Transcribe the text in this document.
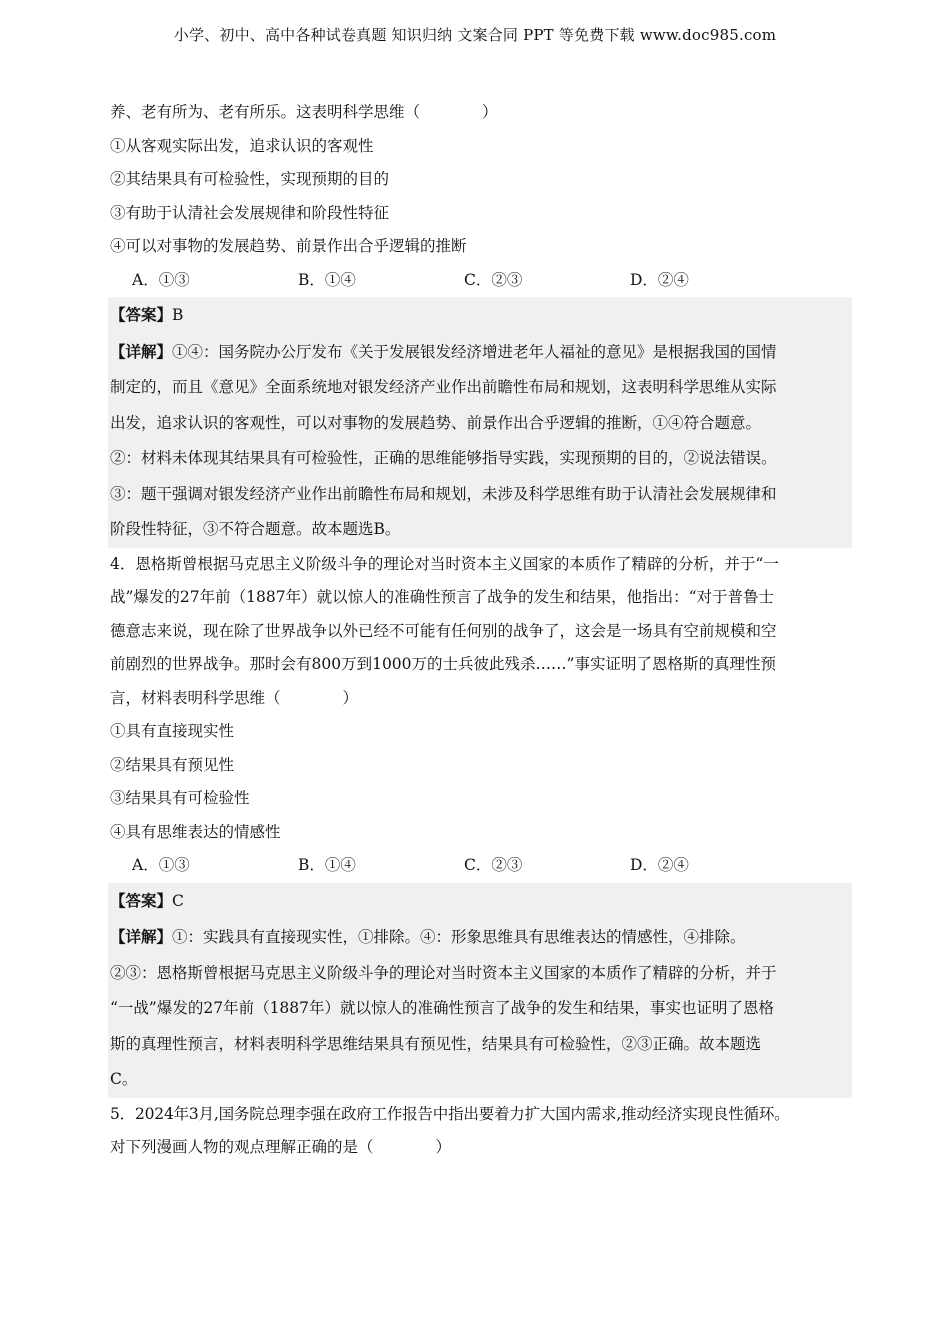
小学、初中、高中各种试卷真题 知识归纳 文案合同 PPT 等免费下载 www.doc985.com
养、老有所为、老有所乐。这表明科学思维（　　　　）
①从客观实际出发，追求认识的客观性
②其结果具有可检验性，实现预期的目的
③有助于认清社会发展规律和阶段性特征
④可以对事物的发展趋势、前景作出合乎逻辑的推断
A．①③	B．①④	C．②③	D．②④
【答案】B
【详解】①④：国务院办公厅发布《关于发展银发经济增进老年人福祉的意见》是根据我国的国情
制定的，而且《意见》全面系统地对银发经济产业作出前瞻性布局和规划，这表明科学思维从实际
出发，追求认识的客观性，可以对事物的发展趋势、前景作出合乎逻辑的推断，①④符合题意。
②：材料未体现其结果具有可检验性，正确的思维能够指导实践，实现预期的目的，②说法错误。
③：题干强调对银发经济产业作出前瞻性布局和规划，未涉及科学思维有助于认清社会发展规律和
阶段性特征，③不符合题意。故本题选B。
4．恩格斯曾根据马克思主义阶级斗争的理论对当时资本主义国家的本质作了精辟的分析，并于“一
战”爆发的27年前（1887年）就以惊人的准确性预言了战争的发生和结果，他指出：“对于普鲁士
德意志来说，现在除了世界战争以外已经不可能有任何别的战争了，这会是一场具有空前规模和空
前剧烈的世界战争。那时会有800万到1000万的士兵彼此残杀……”事实证明了恩格斯的真理性预
言，材料表明科学思维（　　　　）
①具有直接现实性
②结果具有预见性
③结果具有可检验性
④具有思维表达的情感性
A．①③	B．①④	C．②③	D．②④
【答案】C
【详解】①：实践具有直接现实性，①排除。④：形象思维具有思维表达的情感性，④排除。
②③：恩格斯曾根据马克思主义阶级斗争的理论对当时资本主义国家的本质作了精辟的分析，并于
“一战”爆发的27年前（1887年）就以惊人的准确性预言了战争的发生和结果，事实也证明了恩格
斯的真理性预言，材料表明科学思维结果具有预见性，结果具有可检验性，②③正确。故本题选
C。
5．2024年3月,国务院总理李强在政府工作报告中指出要着力扩大国内需求,推动经济实现良性循环。
对下列漫画人物的观点理解正确的是（　　　　）
